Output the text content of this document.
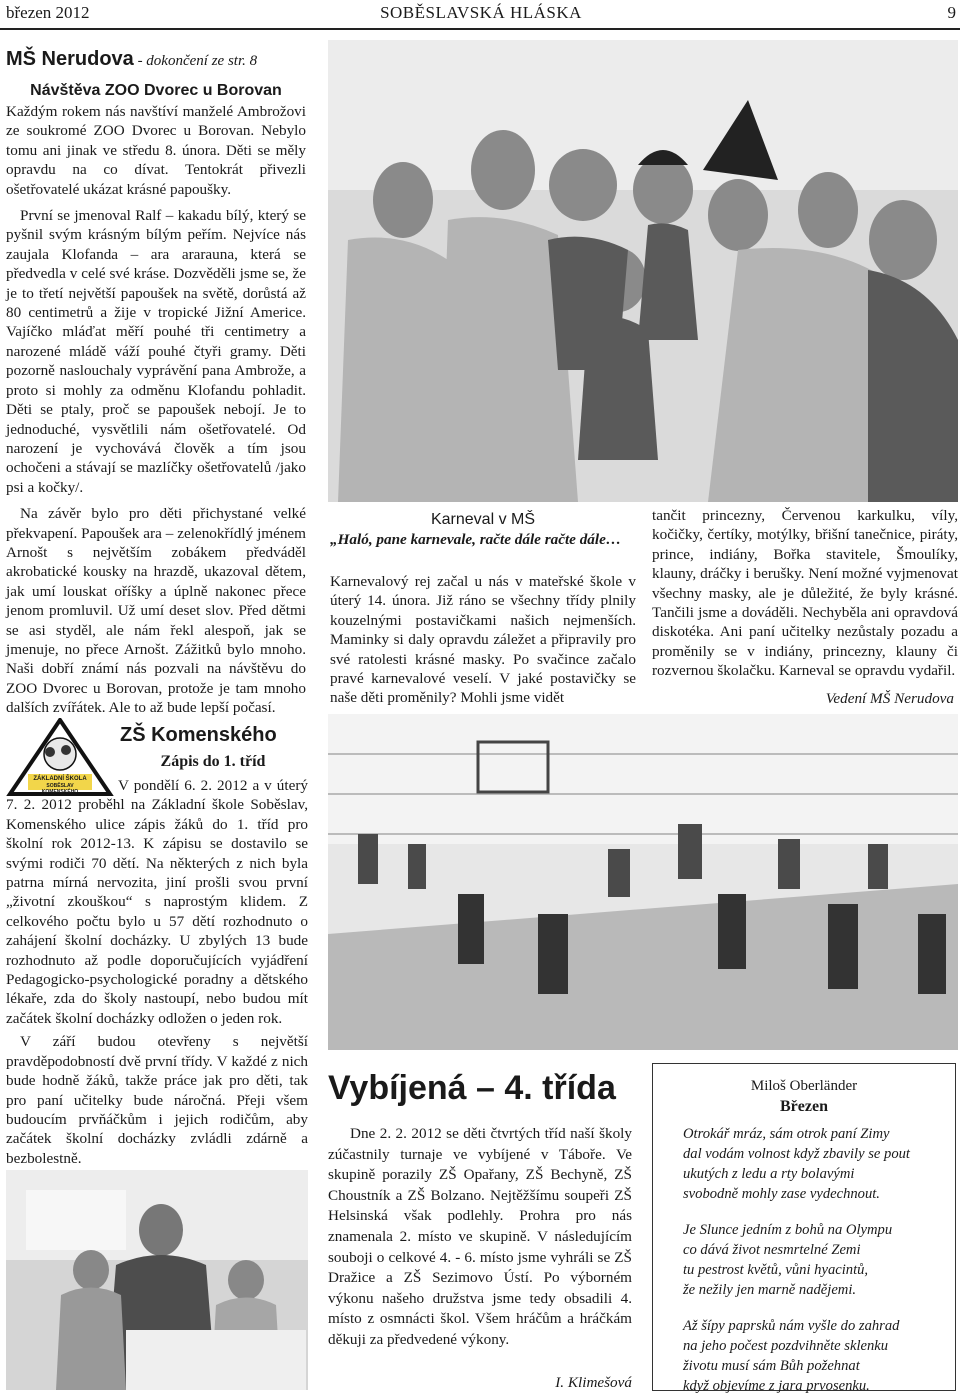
březen 2012	SOBĚSLAVSKÁ HLÁSKA	9
MŠ Nerudova - dokončení ze str. 8
Návštěva ZOO Dvorec u Borovan

Každým rokem nás navštíví manželé Ambrožovi ze soukromé ZOO Dvorec u Borovan. Nebylo tomu ani jinak ve středu 8. února. Děti se měly opravdu na co dívat. Tentokrát přivezli ošetřovatelé ukázat krásné papoušky.

První se jmenoval Ralf – kakadu bílý, který se pyšnil svým krásným bílým peřím. Nejvíce nás zaujala Klofanda – ara ararauna, která se předvedla v celé své kráse. Dozvěděli jsme se, že je to třetí největší papoušek na světě, dorůstá až 80 centimetrů a žije v tropické Jižní Americe. Vajíčko mláďat měří pouhé tři centimetry a narozené mládě váží pouhé čtyři gramy. Děti pozorně naslouchaly vyprávění pana Ambrože, a proto si mohly za odměnu Klofandu pohladit. Děti se ptaly, proč se papoušek nebojí. Je to jednoduché, vysvětlili nám ošetřovatelé. Od narození je vychovává člověk a tím jsou ochočeni a stávají se mazlíčky ošetřovatelů /jako psi a kočky/.

Na závěr bylo pro děti přichystané velké překvapení. Papoušek ara – zelenokřídlý jménem Arnošt s největším zobákem předváděl akrobatické kousky na hrazdě, ukazoval dětem, jak umí louskat oříšky a úplně nakonec přece jenom promluvil. Už umí deset slov. Před dětmi se asi styděl, ale nám řekl alespoň, jak se jmenuje, no přece Arnošt. Zážitků bylo mnoho. Naši dobří známí nás pozvali na návštěvu do ZOO Dvorec u Borovan, protože je tam mnoho dalších zvířátek. Ale to až bude lepší počasí.

Karneval v MŠ
„Haló, pane karnevale, račte dále račte dále…
Karnevalový rej začal u nás v mateřské škole v úterý 14. února. Již ráno se všechny třídy plnily kouzelnými postavičkami našich nejmenších. Maminky si daly opravdu záležet a připravily pro své ratolesti krásné masky. Po svačince začalo pravé karnevalové veselí. V jaké postavičky se naše děti proměnily? Mohli jsme vidět
tančit princezny, Červenou karkulku, víly, kočičky, čertíky, motýlky, břišní tanečnice, piráty, prince, indiány, Bořka stavitele, Šmoulíky, klauny, dráčky i berušky. Není možné vyjmenovat všechny masky, ale je důležité, že byly krásné. Tančili jsme a dováděli. Nechyběla ani opravdová diskotéka. Ani paní učitelky nezůstaly pozadu a proměnily se v indiány, princezny, klauny či rozvernou školačku. Karneval se opravdu vydařil.
Vedení MŠ Nerudova
ZÁKLADNÍ ŠKOLA
SOBĚSLAV KOMENSKÉHO
ZŠ Komenského
Zápis do 1. tříd

V pondělí 6. 2. 2012 a v úterý 7. 2. 2012 proběhl na Základní škole Soběslav, Komenského ulice zápis žáků do 1. tříd pro školní rok 2012-13. K zápisu se dostavilo se svými rodiči 70 dětí. Na některých z nich byla patrna mírná nervozita, jiní prošli svou první „životní zkouškou“ s naprostým klidem. Z celkového počtu bylo u 57 dětí rozhodnuto o zahájení školní docházky. U zbylých 13 bude rozhodnuto až podle doporučujících vyjádření Pedagogicko-psychologické poradny a dětského lékaře, zda do školy nastoupí, nebo budou mít začátek školní docházky odložen o jeden rok.

V září budou otevřeny s největší pravděpodobností dvě první třídy. V každé z nich bude hodně žáků, takže práce jak pro děti, tak pro paní učitelky bude náročná. Přeji všem budoucím prvňáčkům i jejich rodičům, aby začátek školní docházky zvládli zdárně a bezbolestně.

Vybíjená – 4. třída
Dne 2. 2. 2012 se děti čtvrtých tříd naší školy zúčastnily turnaje ve vybíjené v Táboře. Ve skupině porazily ZŠ Opařany, ZŠ Bechyně, ZŠ Choustník a ZŠ Bolzano. Nejtěžšímu soupeři ZŠ Helsinská však podlehly. Prohra pro nás znamenala 2. místo ve skupině. V následujícím souboji o celkové 4. - 6. místo jsme vyhráli se ZŠ Dražice a ZŠ Sezimovo Ústí. Po výborném výkonu našeho družstva jsme tedy obsadili 4. místo z osmnácti škol. Všem hráčům a hráčkám děkuji za předvedené výkony.
I. Klimešová
Miloš Oberländer
Březen
Otrokář mráz, sám otrok paní Zimy
dal vodám volnost když zbavily se pout
ukutých z ledu a rty bolavými
svobodně mohly zase vydechnout.
Je Slunce jedním z bohů na Olympu
co dává život nesmrtelné Zemi
tu pestrost květů, vůni hyacintů,
že nežily jen marně nadějemi.
Až šípy paprsků nám vyšle do zahrad
na jeho počest pozdvihněte sklenku
životu musí sám Bůh požehnat
když objevíme z jara prvosenku.
